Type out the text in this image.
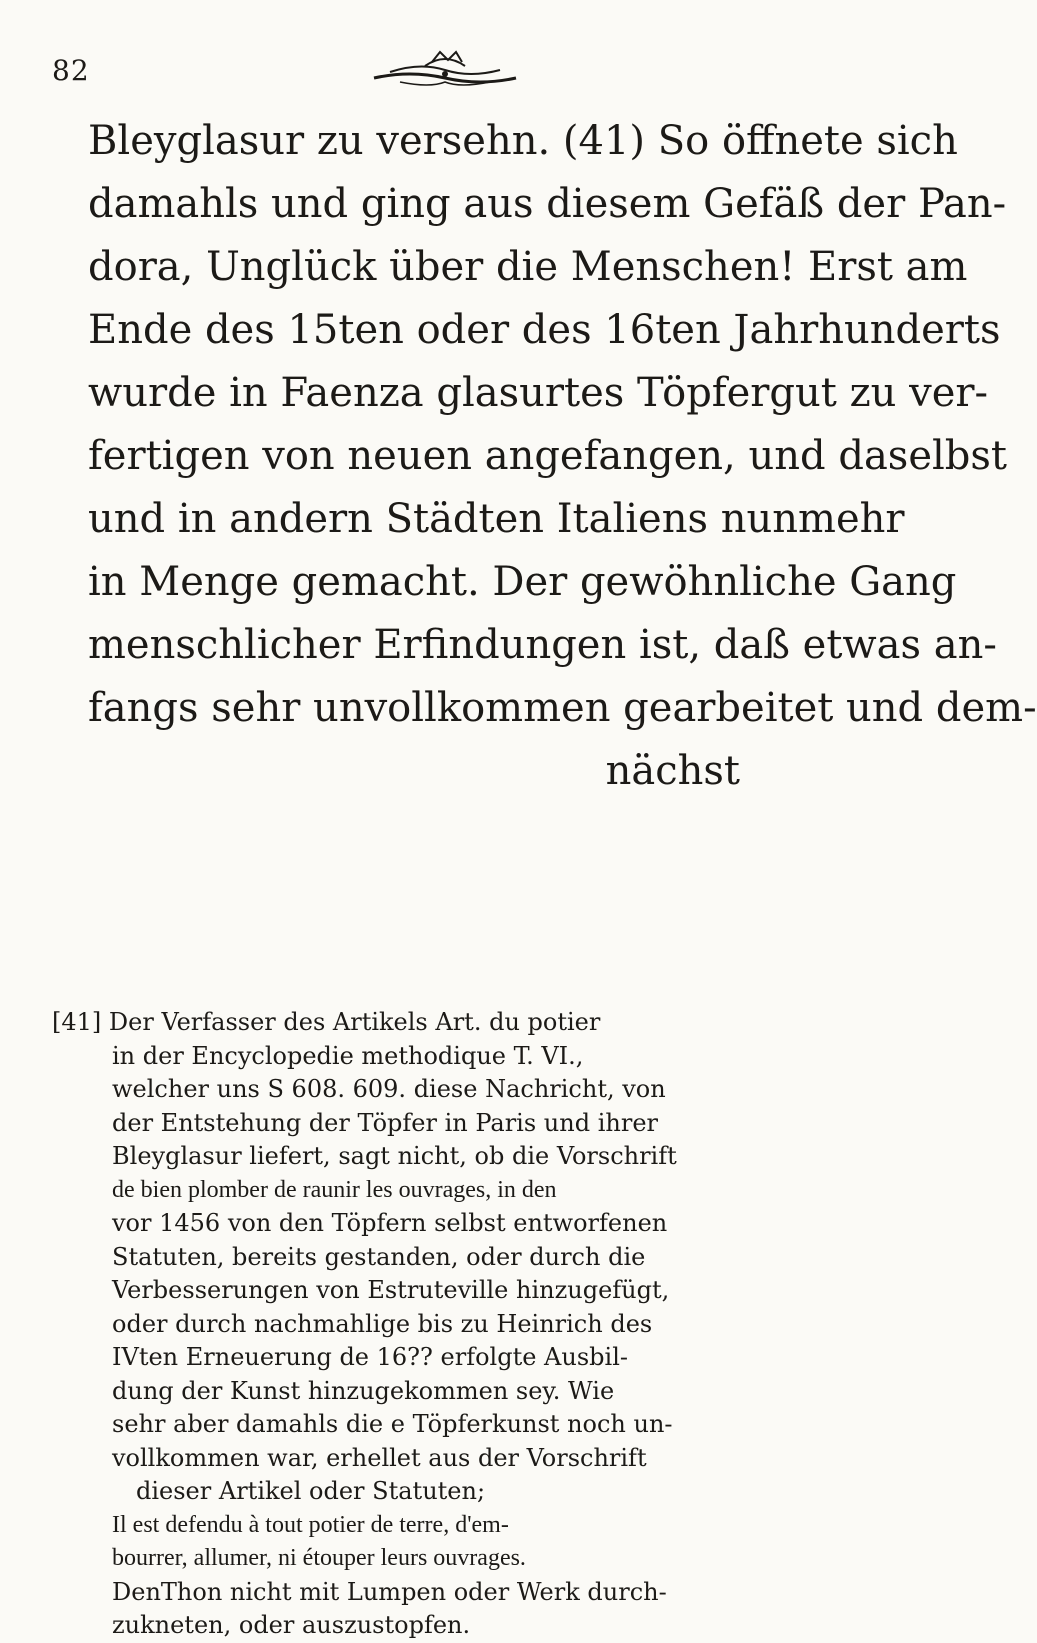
82
Bleyglasur zu versehn. (41) So öffnete sich
damahls und ging aus diesem Gefäß der Pan-
dora, Unglück über die Menschen! Erst am
Ende des 15ten oder des 16ten Jahrhunderts
wurde in Faenza glasurtes Töpfergut zu ver-
fertigen von neuen angefangen, und daselbst
und in andern Städten Italiens nunmehr
in Menge gemacht. Der gewöhnliche Gang
menschlicher Erfindungen ist, daß etwas an-
fangs sehr unvollkommen gearbeitet und dem-
nächst
[41] Der Verfasser des Artikels Art. du potier
in der Encyclopedie methodique T. VI.,
welcher uns S 608. 609. diese Nachricht, von
der Entstehung der Töpfer in Paris und ihrer
Bleyglasur liefert, sagt nicht, ob die Vorschrift
de bien plomber de raunir les ouvrages, in den
vor 1456 von den Töpfern selbst entworfenen
Statuten, bereits gestanden, oder durch die
Verbesserungen von Estruteville hinzugefügt,
oder durch nachmahlige bis zu Heinrich des
IVten Erneuerung de 16?? erfolgte Ausbil-
dung der Kunst hinzugekommen sey. Wie
sehr aber damahls die e Töpferkunst noch un-
vollkommen war, erhellet aus der Vorschrift
dieser Artikel oder Statuten;
Il est defendu à tout potier de terre, d'em-
bourrer, allumer, ni étouper leurs ouvrages.
DenThon nicht mit Lumpen oder Werk durch-
zukneten, oder auszustopfen.
